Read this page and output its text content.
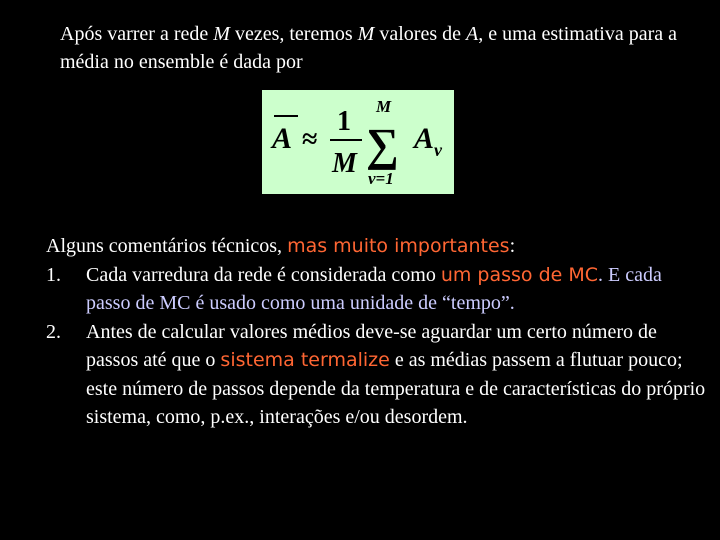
Após varrer a rede M vezes, teremos M valores de A, e uma estimativa para a média no ensemble é dada por

A ≈
1
M
M
∑
ν=1
A ν

Alguns comentários técnicos, mas muito importantes:

1. Cada varredura da rede é considerada como um passo de MC. E cada passo de MC é usado como uma unidade de “tempo”.
2. Antes de calcular valores médios deve-se aguardar um certo número de passos até que o sistema termalize e as médias passem a flutuar pouco; este número de passos depende da temperatura e de características do próprio sistema, como, p.ex., interações e/ou desordem.
